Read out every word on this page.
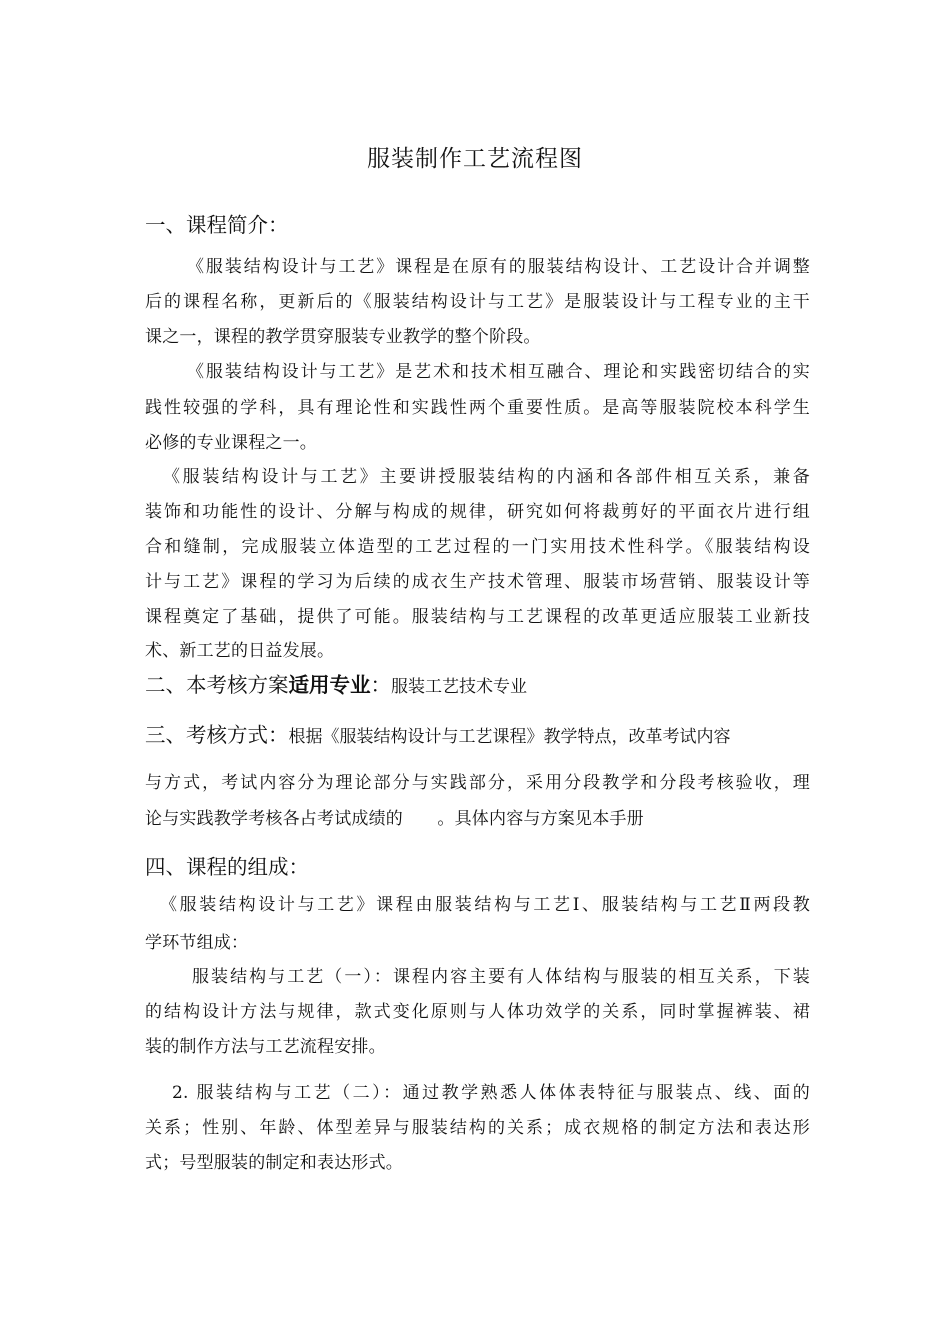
服装制作工艺流程图
一、课程简介：
《服装结构设计与工艺》课程是在原有的服装结构设计、工艺设计合并调整
后的课程名称，更新后的《服装结构设计与工艺》是服装设计与工程专业的主干
课之一，课程的教学贯穿服装专业教学的整个阶段。
《服装结构设计与工艺》是艺术和技术相互融合、理论和实践密切结合的实
践性较强的学科，具有理论性和实践性两个重要性质。是高等服装院校本科学生
必修的专业课程之一。
《服装结构设计与工艺》主要讲授服装结构的内涵和各部件相互关系，兼备
装饰和功能性的设计、分解与构成的规律，研究如何将裁剪好的平面衣片进行组
合和缝制，完成服装立体造型的工艺过程的一门实用技术性科学。《服装结构设
计与工艺》课程的学习为后续的成衣生产技术管理、服装市场营销、服装设计等
课程奠定了基础，提供了可能。服装结构与工艺课程的改革更适应服装工业新技
术、新工艺的日益发展。
二、本考核方案适用专业：服装工艺技术专业
三、考核方式：根据《服装结构设计与工艺课程》教学特点，改革考试内容
与方式，考试内容分为理论部分与实践部分，采用分段教学和分段考核验收，理
论与实践教学考核各占考试成绩的　　。具体内容与方案见本手册
四、课程的组成：
《服装结构设计与工艺》课程由服装结构与工艺Ⅰ、服装结构与工艺Ⅱ两段教
学环节组成：
服装结构与工艺（一）：课程内容主要有人体结构与服装的相互关系，下装
的结构设计方法与规律，款式变化原则与人体功效学的关系，同时掌握裤装、裙
装的制作方法与工艺流程安排。
2. 服装结构与工艺（二）：通过教学熟悉人体体表特征与服装点、线、面的
关系；性别、年龄、体型差异与服装结构的关系；成衣规格的制定方法和表达形
式；号型服装的制定和表达形式。
